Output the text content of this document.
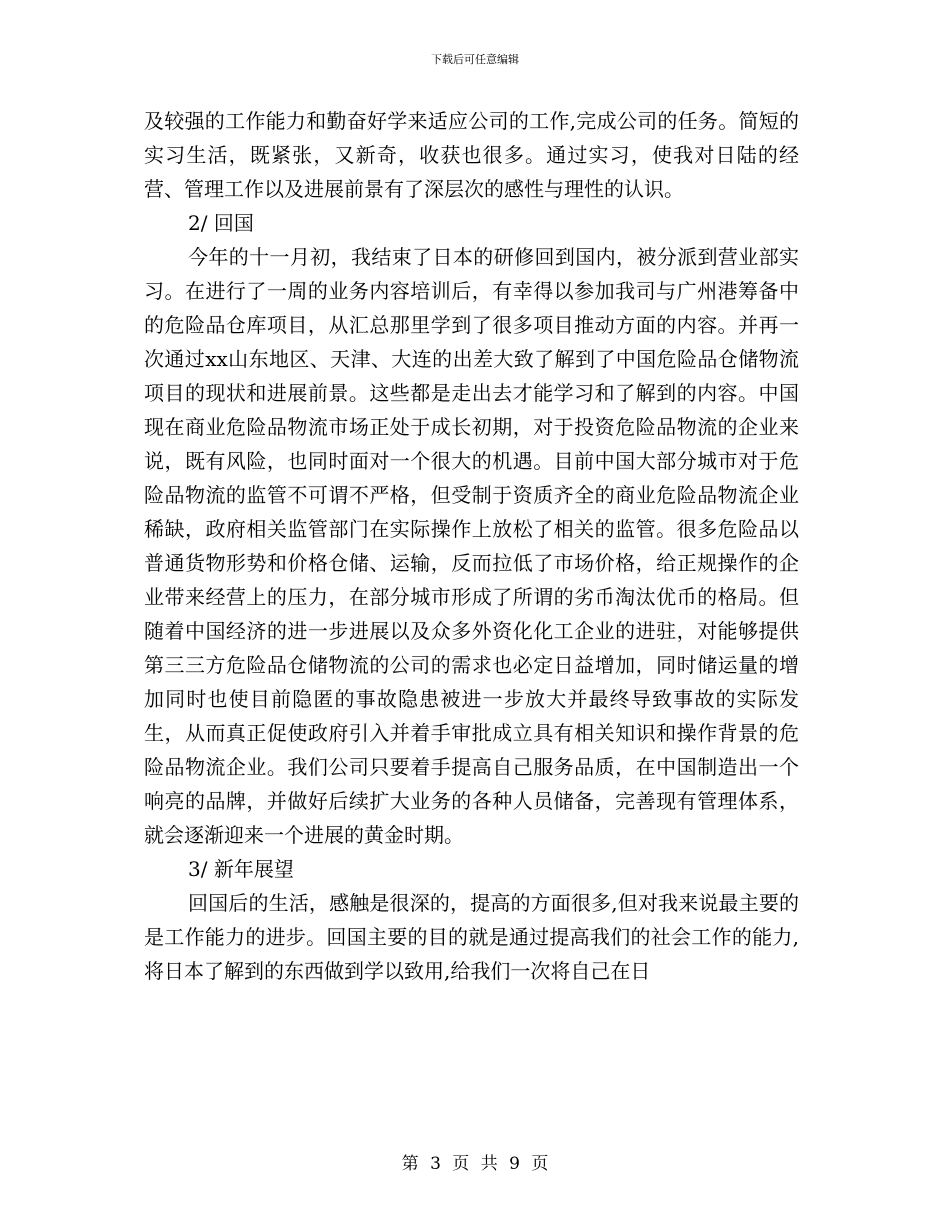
下载后可任意编辑

及较强的工作能力和勤奋好学来适应公司的工作,完成公司的任务。简短的实习生活，既紧张，又新奇，收获也很多。通过实习，使我对日陆的经营、管理工作以及进展前景有了深层次的感性与理性的认识。

2/ 回国

今年的十一月初，我结束了日本的研修回到国内，被分派到营业部实习。在进行了一周的业务内容培训后，有幸得以参加我司与广州港筹备中的危险品仓库项目，从汇总那里学到了很多项目推动方面的内容。并再一次通过xx山东地区、天津、大连的出差大致了解到了中国危险品仓储物流项目的现状和进展前景。这些都是走出去才能学习和了解到的内容。中国现在商业危险品物流市场正处于成长初期，对于投资危险品物流的企业来说，既有风险，也同时面对一个很大的机遇。目前中国大部分城市对于危险品物流的监管不可谓不严格，但受制于资质齐全的商业危险品物流企业稀缺，政府相关监管部门在实际操作上放松了相关的监管。很多危险品以普通货物形势和价格仓储、运输，反而拉低了市场价格，给正规操作的企业带来经营上的压力，在部分城市形成了所谓的劣币淘汰优币的格局。但随着中国经济的进一步进展以及众多外资化化工企业的进驻，对能够提供第三三方危险品仓储物流的公司的需求也必定日益增加，同时储运量的增加同时也使目前隐匿的事故隐患被进一步放大并最终导致事故的实际发生，从而真正促使政府引入并着手审批成立具有相关知识和操作背景的危险品物流企业。我们公司只要着手提高自己服务品质，在中国制造出一个响亮的品牌，并做好后续扩大业务的各种人员储备，完善现有管理体系，就会逐渐迎来一个进展的黄金时期。

3/ 新年展望

回国后的生活，感触是很深的，提高的方面很多,但对我来说最主要的是工作能力的进步。回国主要的目的就是通过提高我们的社会工作的能力,将日本了解到的东西做到学以致用,给我们一次将自己在日

第 3 页 共 9 页
